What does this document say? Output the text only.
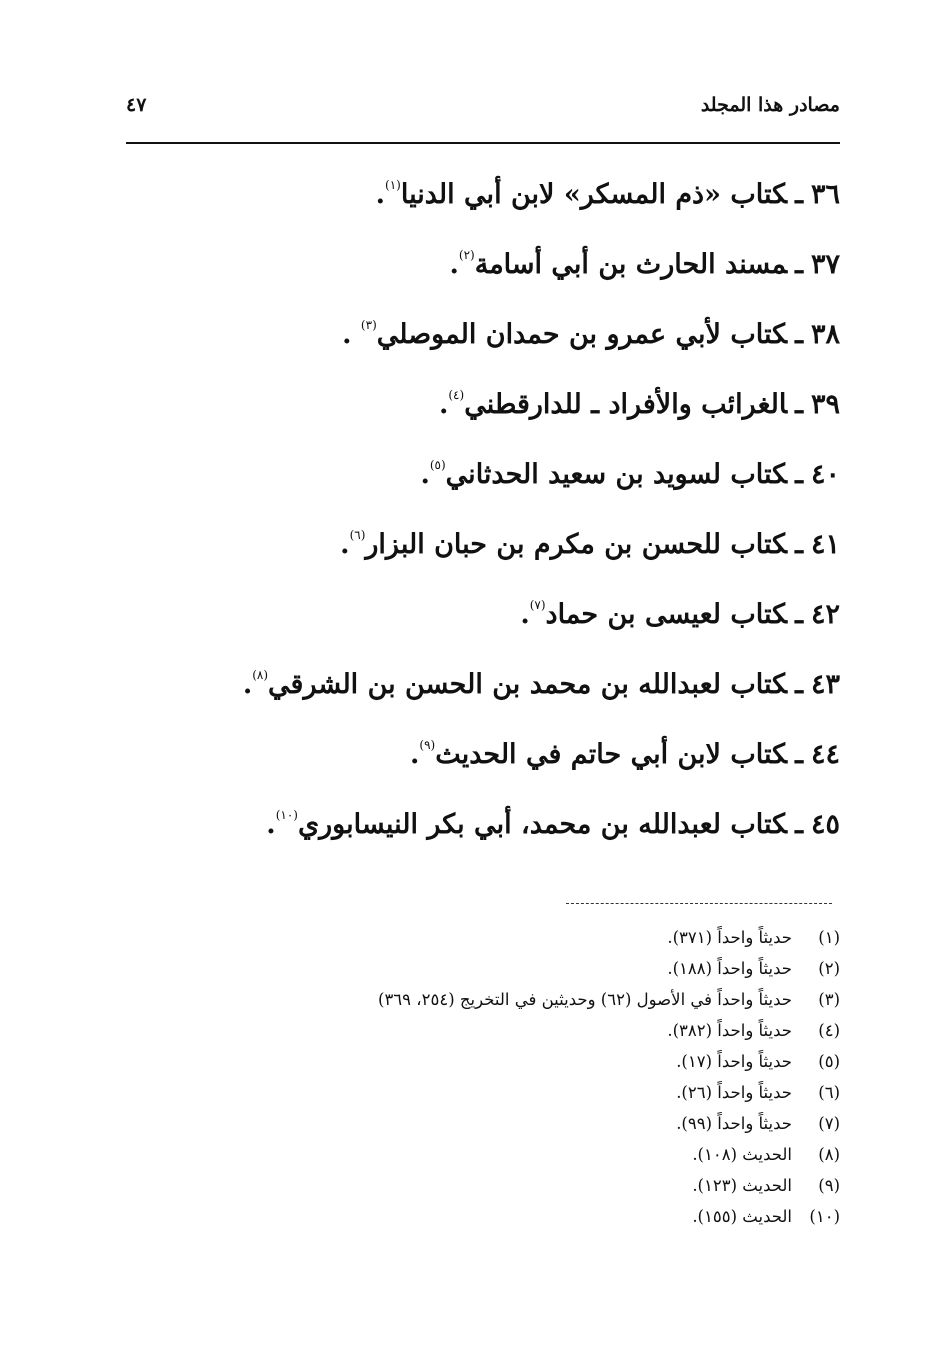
مصادر هذا المجلد
٤٧
٣٦ـكتاب «ذم المسكر» لابن أبي الدنيا$^{(١)}$.
٣٧ـمسند الحارث بن أبي أسامة$^{(٢)}$.
٣٨ـكتاب لأبي عمرو بن حمدان الموصلي$^{(٣)}$ .
٣٩ـالغرائب والأفراد ـ للدارقطني$^{(٤)}$.
٤٠ـكتاب لسويد بن سعيد الحدثاني$^{(٥)}$.
٤١ـكتاب للحسن بن مكرم بن حبان البزار$^{(٦)}$.
٤٢ـكتاب لعيسى بن حماد$^{(٧)}$.
٤٣ـكتاب لعبدالله بن محمد بن الحسن بن الشرقي$^{(٨)}$.
٤٤ـكتاب لابن أبي حاتم في الحديث$^{(٩)}$.
٤٥ـكتاب لعبدالله بن محمد، أبي بكر النيسابوري$^{(١٠)}$.
(١)حديثاً واحداً (٣٧١).
(٢)حديثاً واحداً (١٨٨).
(٣)حديثاً واحداً في الأصول (٦٢) وحديثين في التخريج (٢٥٤، ٣٦٩)
(٤)حديثاً واحداً (٣٨٢).
(٥)حديثاً واحداً (١٧).
(٦)حديثاً واحداً (٢٦).
(٧)حديثاً واحداً (٩٩).
(٨)الحديث (١٠٨).
(٩)الحديث (١٢٣).
(١٠)الحديث (١٥٥).
